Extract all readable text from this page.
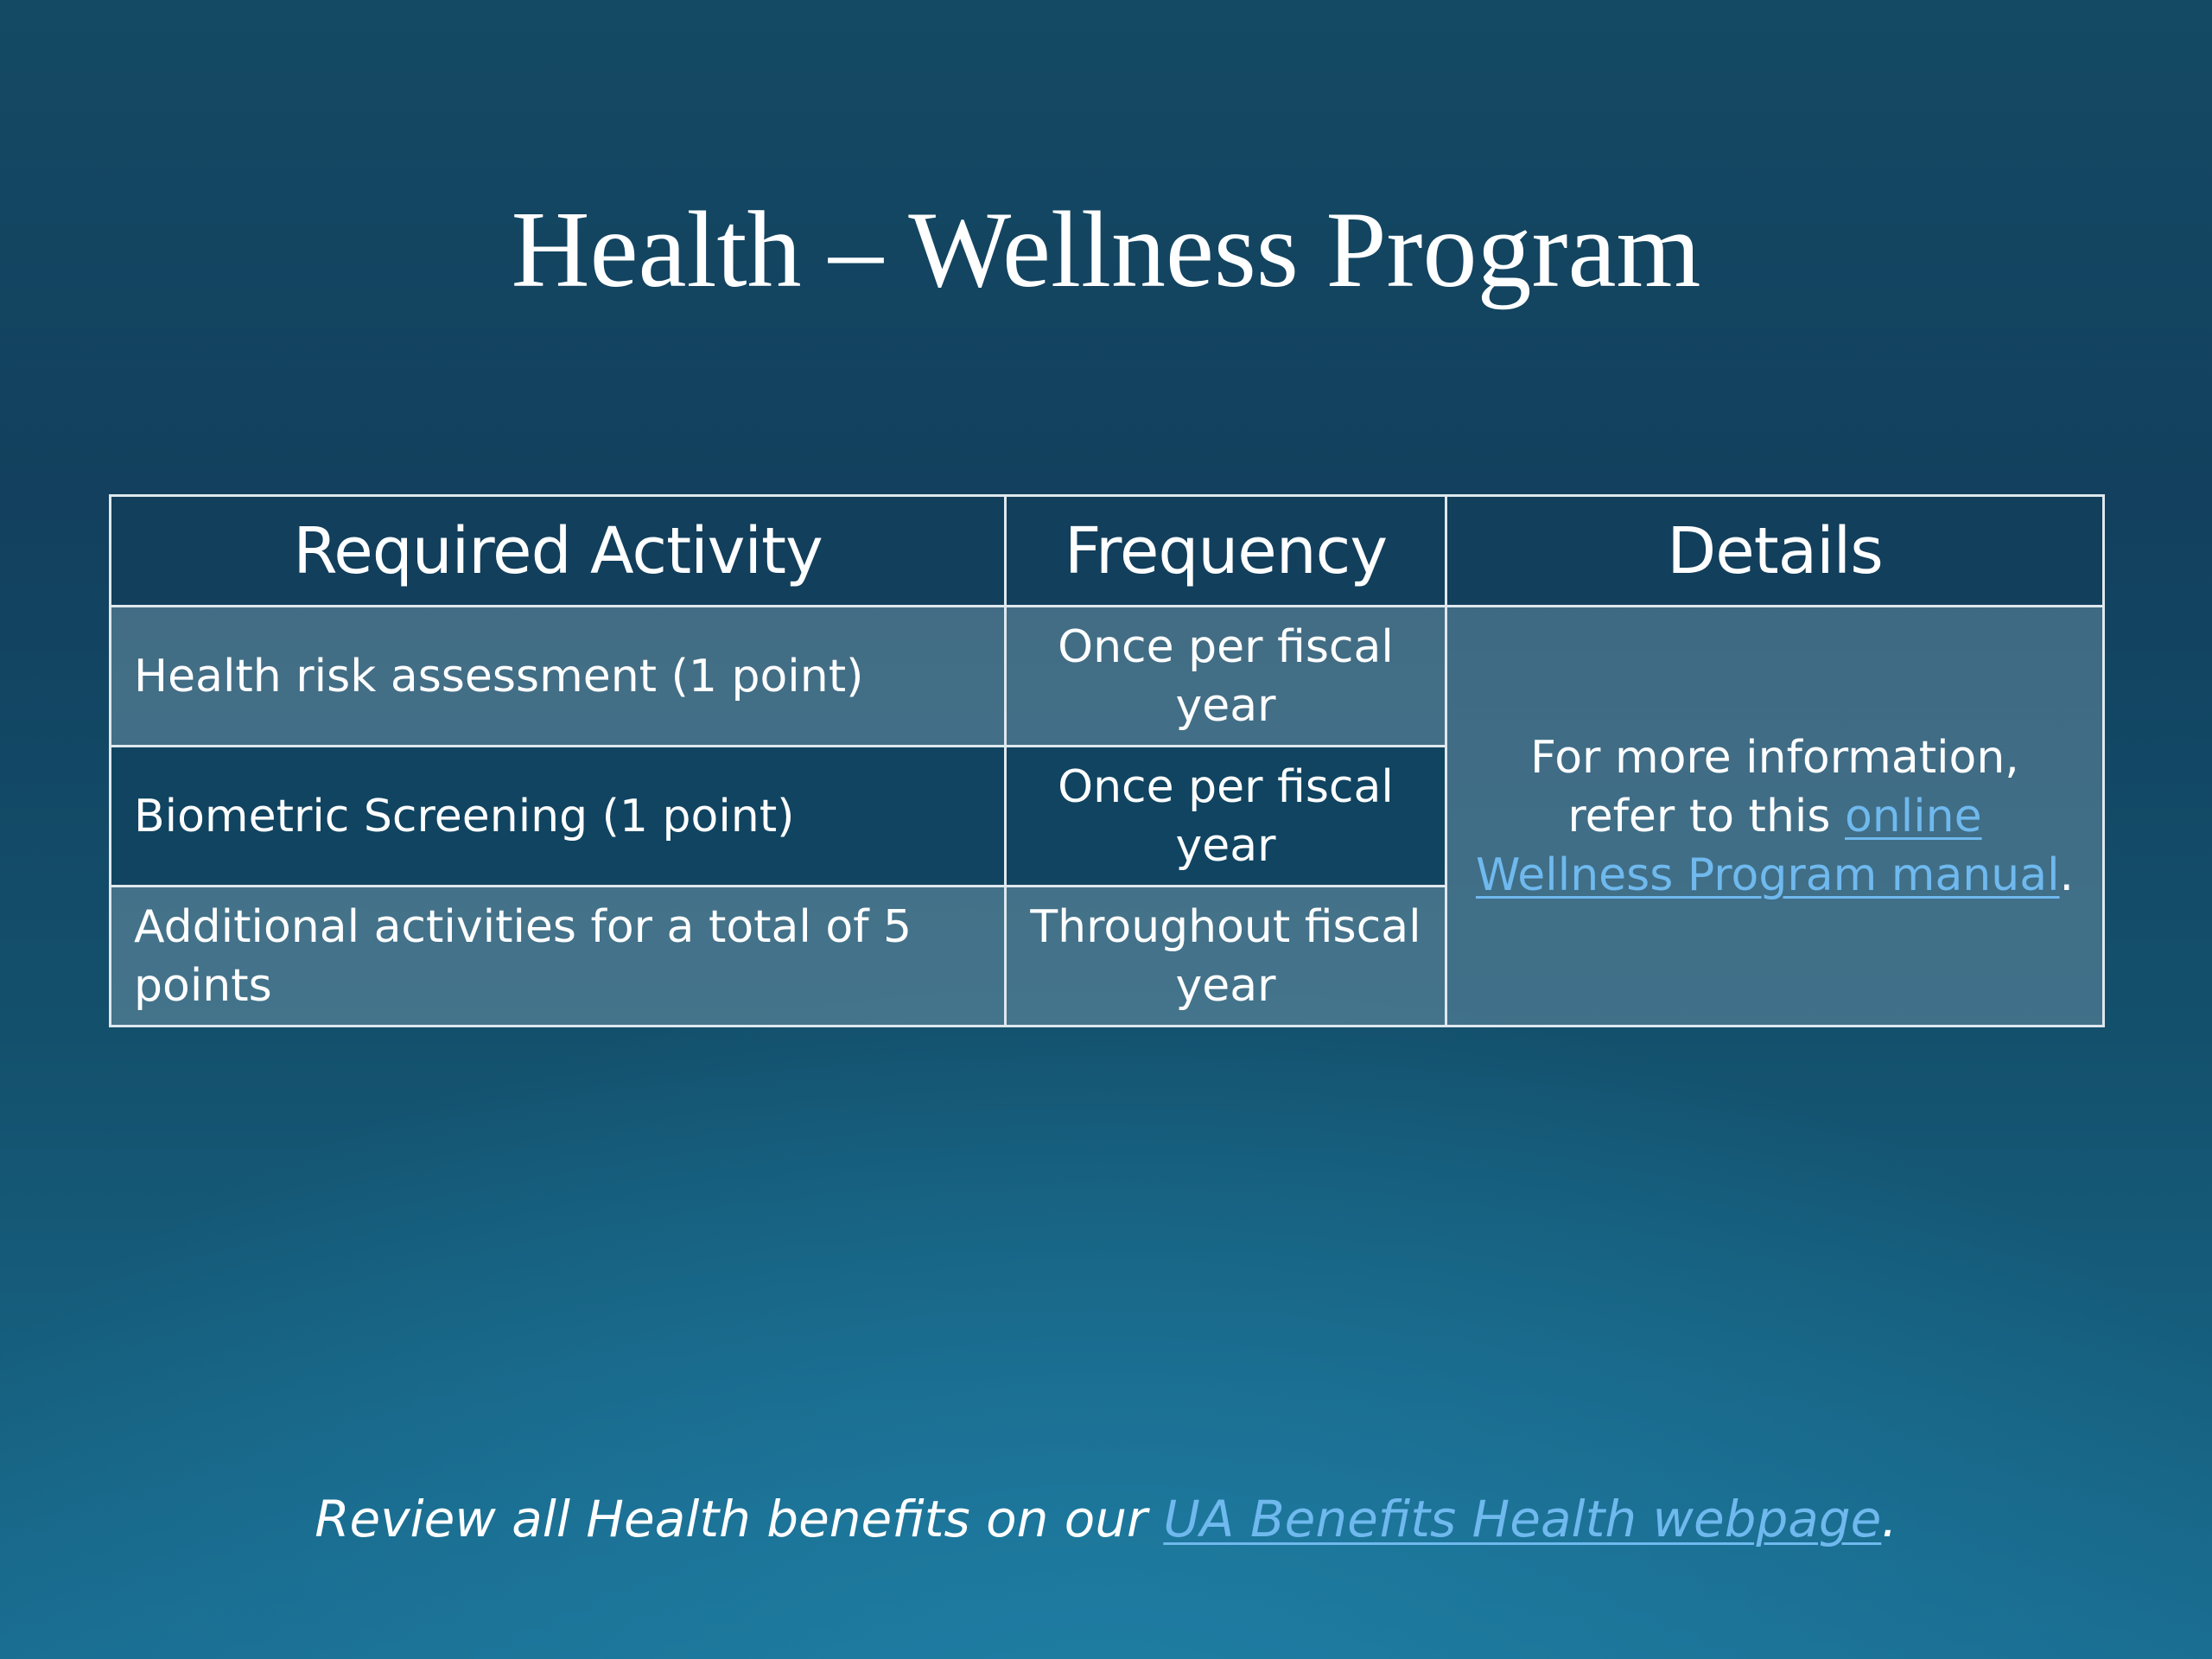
Health – Wellness Program
Required Activity	Frequency	Details
Health risk assessment (1 point)	Once per fiscal year	For more information, refer to this online Wellness Program manual.
Biometric Screening (1 point)	Once per fiscal year	
Additional activities for a total of 5 points	Throughout fiscal year	

Review all Health benefits on our UA Benefits Health webpage.
